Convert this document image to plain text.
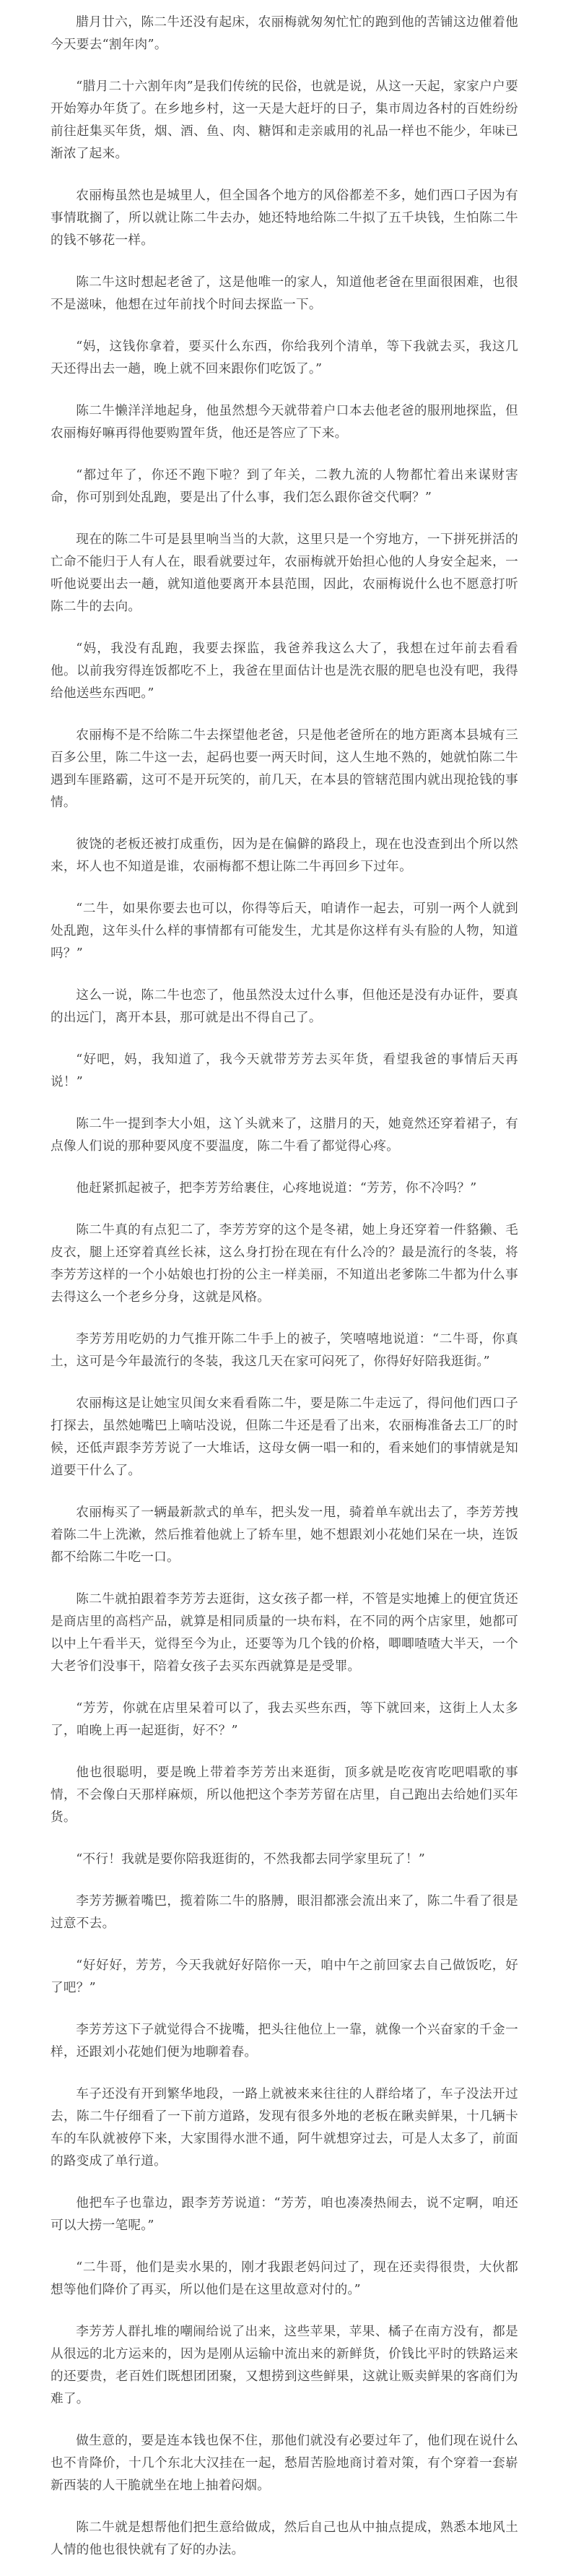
腊月廿六，陈二牛还没有起床，农丽梅就匆匆忙忙的跑到他的苦铺这边催着他今天要去“割年肉”。

“腊月二十六割年肉”是我们传统的民俗，也就是说，从这一天起，家家户户要开始筹办年货了。在乡地乡村，这一天是大赶圩的日子，集市周边各村的百姓纷纷前往赶集买年货，烟、酒、鱼、肉、糖饵和走亲戚用的礼品一样也不能少，年味已渐浓了起来。

农丽梅虽然也是城里人，但全国各个地方的风俗都差不多，她们西口子因为有事情耽搁了，所以就让陈二牛去办，她还特地给陈二牛拟了五千块钱，生怕陈二牛的钱不够花一样。

陈二牛这时想起老爸了，这是他唯一的家人，知道他老爸在里面很困难，也很不是滋味，他想在过年前找个时间去探监一下。

“妈，这钱你拿着，要买什么东西，你给我列个清单，等下我就去买，我这几天还得出去一趟，晚上就不回来跟你们吃饭了。”

陈二牛懒洋洋地起身，他虽然想今天就带着户口本去他老爸的服刑地探监，但农丽梅好嘛再得他要购置年货，他还是答应了下来。

“都过年了，你还不跑下啦？到了年关，二教九流的人物都忙着出来谋财害命，你可别到处乱跑，要是出了什么事，我们怎么跟你爸交代啊？”

现在的陈二牛可是县里响当当的大款，这里只是一个穷地方，一下拼死拼活的亡命不能归于人有人在，眼看就要过年，农丽梅就开始担心他的人身安全起来，一听他说要出去一趟，就知道他要离开本县范围，因此，农丽梅说什么也不愿意打听陈二牛的去向。

“妈，我没有乱跑，我要去探监，我爸养我这么大了，我想在过年前去看看他。以前我穷得连饭都吃不上，我爸在里面估计也是洗衣服的肥皂也没有吧，我得给他送些东西吧。”

农丽梅不是不给陈二牛去探望他老爸，只是他老爸所在的地方距离本县城有三百多公里，陈二牛这一去，起码也要一两天时间，这人生地不熟的，她就怕陈二牛遇到车匪路霸，这可不是开玩笑的，前几天，在本县的管辖范围内就出现抢钱的事情。

彼饶的老板还被打成重伤，因为是在偏僻的路段上，现在也没查到出个所以然来，坏人也不知道是谁，农丽梅都不想让陈二牛再回乡下过年。

“二牛，如果你要去也可以，你得等后天，咱请作一起去，可别一两个人就到处乱跑，这年头什么样的事情都有可能发生，尤其是你这样有头有脸的人物，知道吗？”

这么一说，陈二牛也恋了，他虽然没太过什么事，但他还是没有办证件，要真的出远门，离开本县，那可就是出不得自己了。

“好吧，妈，我知道了，我今天就带芳芳去买年货，看望我爸的事情后天再说！”

陈二牛一提到李大小姐，这丫头就来了，这腊月的天，她竟然还穿着裙子，有点像人们说的那种要风度不要温度，陈二牛看了都觉得心疼。

他赶紧抓起被子，把李芳芳给裹住，心疼地说道：“芳芳，你不冷吗？”

陈二牛真的有点犯二了，李芳芳穿的这个是冬裙，她上身还穿着一件貉獭、毛皮衣，腿上还穿着真丝长袜，这么身打扮在现在有什么冷的？最是流行的冬装，将李芳芳这样的一个小姑娘也打扮的公主一样美丽，不知道出老爹陈二牛都为什么事去得这么一个老乡分身，这就是风格。

李芳芳用吃奶的力气推开陈二牛手上的被子，笑嘻嘻地说道：“二牛哥，你真土，这可是今年最流行的冬装，我这几天在家可闷死了，你得好好陪我逛街。”

农丽梅这是让她宝贝闺女来看看陈二牛，要是陈二牛走远了，得问他们西口子打探去，虽然她嘴巴上嘀咕没说，但陈二牛还是看了出来，农丽梅准备去工厂的时候，还低声跟李芳芳说了一大堆话，这母女俩一唱一和的，看来她们的事情就是知道要干什么了。

农丽梅买了一辆最新款式的单车，把头发一甩，骑着单车就出去了，李芳芳拽着陈二牛上洗漱，然后推着他就上了轿车里，她不想跟刘小花她们呆在一块，连饭都不给陈二牛吃一口。

陈二牛就拍跟着李芳芳去逛街，这女孩子都一样，不管是实地摊上的便宜货还是商店里的高档产品，就算是相同质量的一块布料，在不同的两个店家里，她都可以中上午看半天，觉得至今为止，还要等为几个钱的价格，唧唧喳喳大半天，一个大老爷们没事干，陪着女孩子去买东西就算是是受罪。

“芳芳，你就在店里呆着可以了，我去买些东西，等下就回来，这街上人太多了，咱晚上再一起逛街，好不？”

他也很聪明，要是晚上带着李芳芳出来逛街，顶多就是吃夜宵吃吧唱歌的事情，不会像白天那样麻烦，所以他把这个李芳芳留在店里，自己跑出去给她们买年货。

“不行！我就是要你陪我逛街的，不然我都去同学家里玩了！”

李芳芳撅着嘴巴，揽着陈二牛的胳膊，眼泪都涨会流出来了，陈二牛看了很是过意不去。

“好好好，芳芳，今天我就好好陪你一天，咱中午之前回家去自己做饭吃，好了吧？”

李芳芳这下子就觉得合不拢嘴，把头往他位上一靠，就像一个兴奋家的千金一样，还跟刘小花她们便为地聊着春。

车子还没有开到繁华地段，一路上就被来来往往的人群给堵了，车子没法开过去，陈二牛仔细看了一下前方道路，发现有很多外地的老板在瞅卖鲜果，十几辆卡车的车队就被停下来，大家围得水泄不通，阿牛就想穿过去，可是人太多了，前面的路变成了单行道。

他把车子也靠边，跟李芳芳说道：“芳芳，咱也凑凑热闹去，说不定啊，咱还可以大捞一笔呢。”

“二牛哥，他们是卖水果的，刚才我跟老妈问过了，现在还卖得很贵，大伙都想等他们降价了再买，所以他们是在这里故意对付的。”

李芳芳人群扎堆的嘲闹给说了出来，这些苹果，苹果、橘子在南方没有，都是从很远的北方运来的，因为是刚从运输中流出来的新鲜货，价钱比平时的铁路运来的还要贵，老百姓们既想团团聚，又想捞到这些鲜果，这就让贩卖鲜果的客商们为难了。

做生意的，要是连本钱也保不住，那他们就没有必要过年了，他们现在说什么也不肯降价，十几个东北大汉挂在一起，愁眉苦脸地商讨着对策，有个穿着一套崭新西装的人干脆就坐在地上抽着闷烟。

陈二牛就是想帮他们把生意给做成，然后自己也从中抽点提成，熟悉本地风土人情的他也很快就有了好的办法。
